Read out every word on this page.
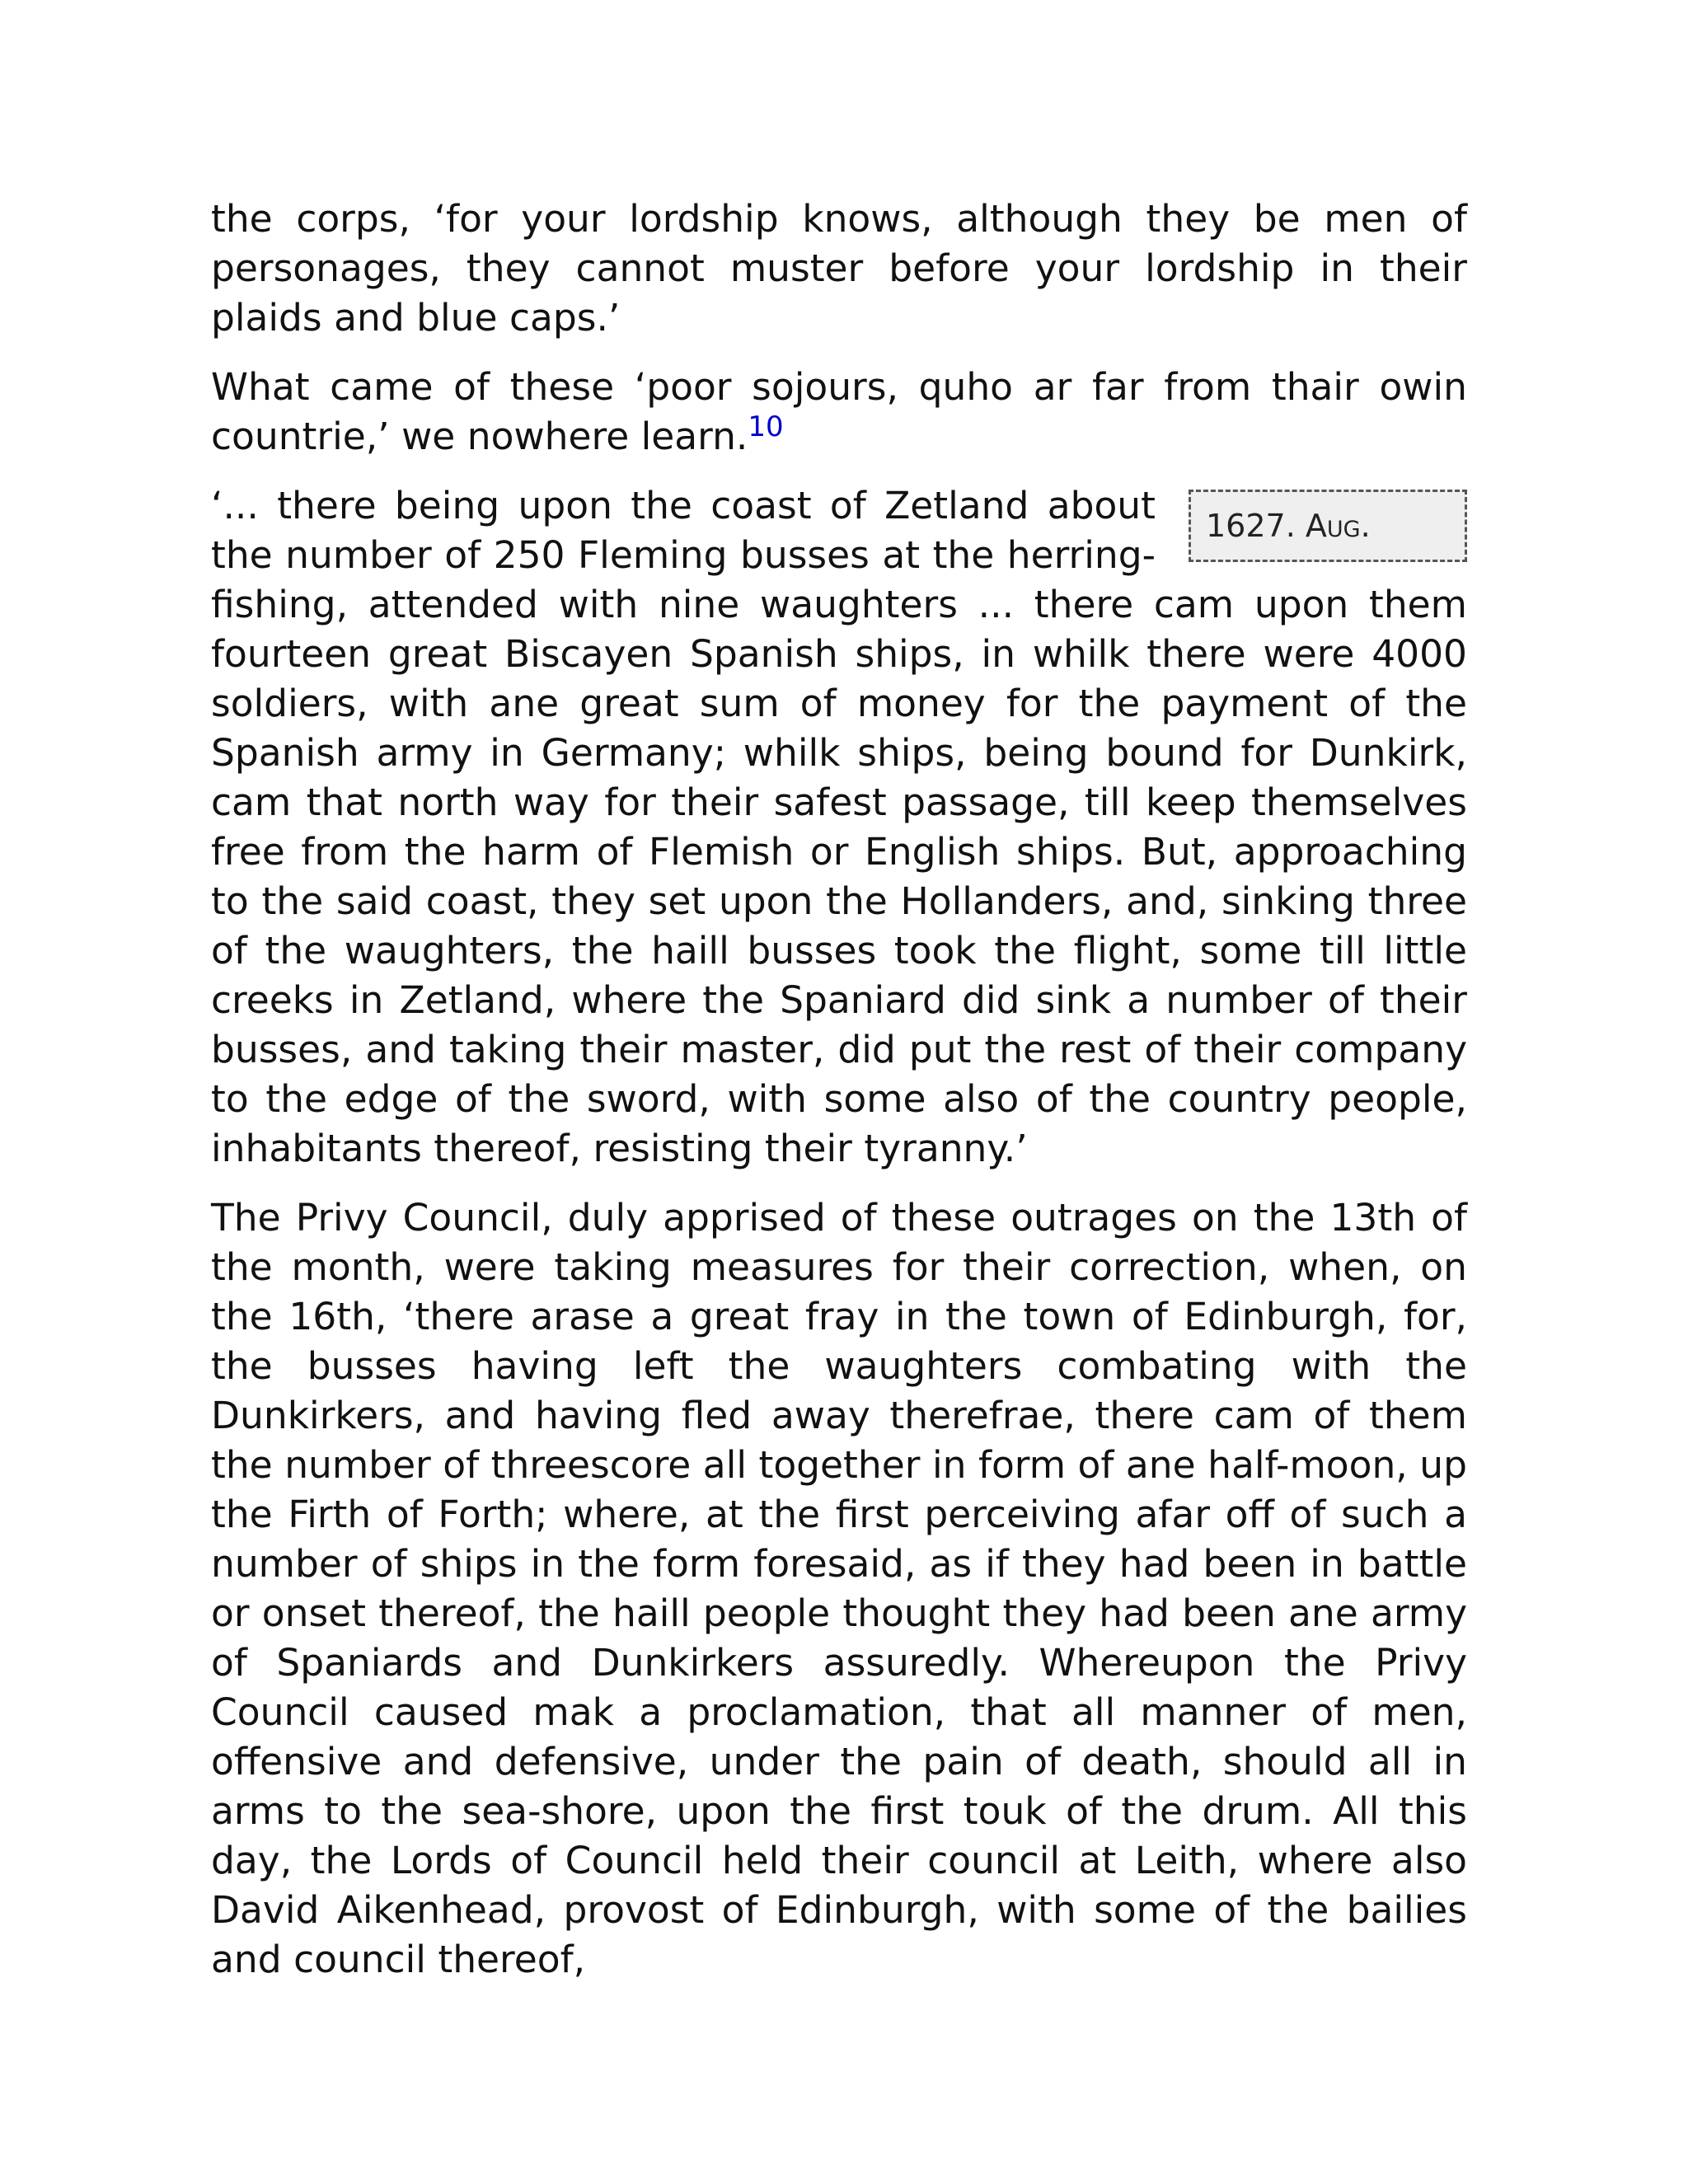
the corps, ‘for your lordship knows, although they be men of personages, they cannot muster before your lordship in their plaids and blue caps.’

What came of these ‘poor sojours, quho ar far from thair owin countrie,’ we nowhere learn.$^{10}$

1627.
Aug.
‘... there being upon the coast of Zetland about the number of 250 Fleming busses at the herring-fishing, attended with nine waughters ... there cam upon them fourteen great Biscayen Spanish ships, in whilk there were 4000 soldiers, with ane great sum of money for the payment of the Spanish army in Germany; whilk ships, being bound for Dunkirk, cam that north way for their safest passage, till keep themselves free from the harm of Flemish or English ships. But, approaching to the said coast, they set upon the Hollanders, and, sinking three of the waughters, the haill busses took the flight, some till little creeks in Zetland, where the Spaniard did sink a number of their busses, and taking their master, did put the rest of their company to the edge of the sword, with some also of the country people, inhabitants thereof, resisting their tyranny.’

The Privy Council, duly apprised of these outrages on the 13th of the month, were taking measures for their correction, when, on the 16th, ‘there arase a great fray in the town of Edinburgh, for, the busses having left the waughters combating with the Dunkirkers, and having fled away therefrae, there cam of them the number of threescore all together in form of ane half-moon, up the Firth of Forth; where, at the first perceiving afar off of such a number of ships in the form foresaid, as if they had been in battle or onset thereof, the haill people thought they had been ane army of Spaniards and Dunkirkers assuredly. Whereupon the Privy Council caused mak a proclamation, that all manner of men, offensive and defensive, under the pain of death, should all in arms to the sea-shore, upon the first touk of the drum. All this day, the Lords of Council held their council at Leith, where also David Aikenhead, provost of Edinburgh, with some of the bailies and council thereof,
